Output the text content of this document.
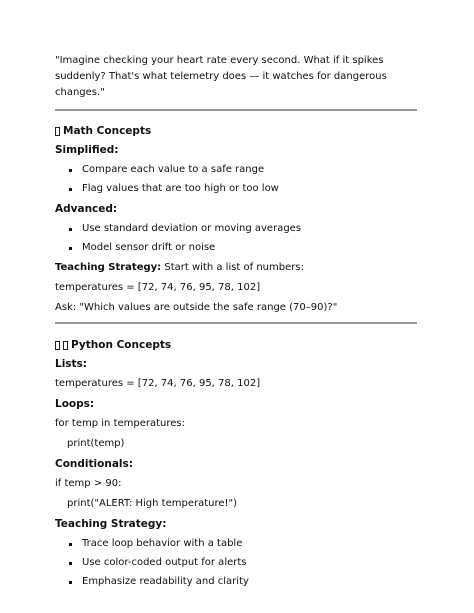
"Imagine checking your heart rate every second. What if it spikes suddenly? That's what telemetry does — it watches for dangerous changes."

Math Concepts
Simplified:
Compare each value to a safe range
Flag values that are too high or too low
Advanced:
Use standard deviation or moving averages
Model sensor drift or noise
Teaching Strategy: Start with a list of numbers:
temperatures = [72, 74, 76, 95, 78, 102]
Ask: "Which values are outside the safe range (70–90)?"
Python Concepts
Lists:
temperatures = [72, 74, 76, 95, 78, 102]
Loops:
for temp in temperatures:
print(temp)
Conditionals:
if temp > 90:
print("ALERT: High temperature!")
Teaching Strategy:
Trace loop behavior with a table
Use color-coded output for alerts
Emphasize readability and clarity
